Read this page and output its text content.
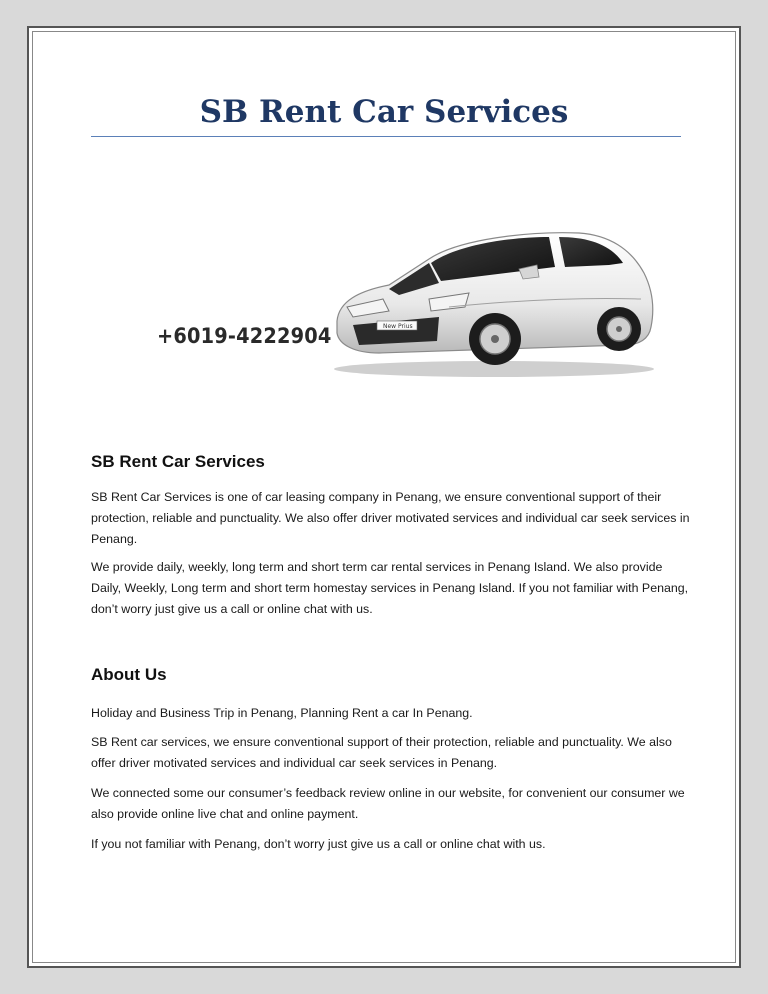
SB Rent Car Services
New Prius
+6019-4222904
SB Rent Car Services

SB Rent Car Services is one of car leasing company in Penang, we ensure conventional support of their protection, reliable and punctuality. We also offer driver motivated services and individual car seek services in Penang.

We provide daily, weekly, long term and short term car rental services in Penang Island. We also provide Daily, Weekly, Long term and short term homestay services in Penang Island. If you not familiar with Penang, don’t worry just give us a call or online chat with us.

About Us

Holiday and Business Trip in Penang, Planning Rent a car In Penang.

SB Rent car services, we ensure conventional support of their protection, reliable and punctuality. We also offer driver motivated services and individual car seek services in Penang.

We connected some our consumer’s feedback review online in our website, for convenient our consumer we also provide online live chat and online payment.

If you not familiar with Penang, don’t worry just give us a call or online chat with us.
